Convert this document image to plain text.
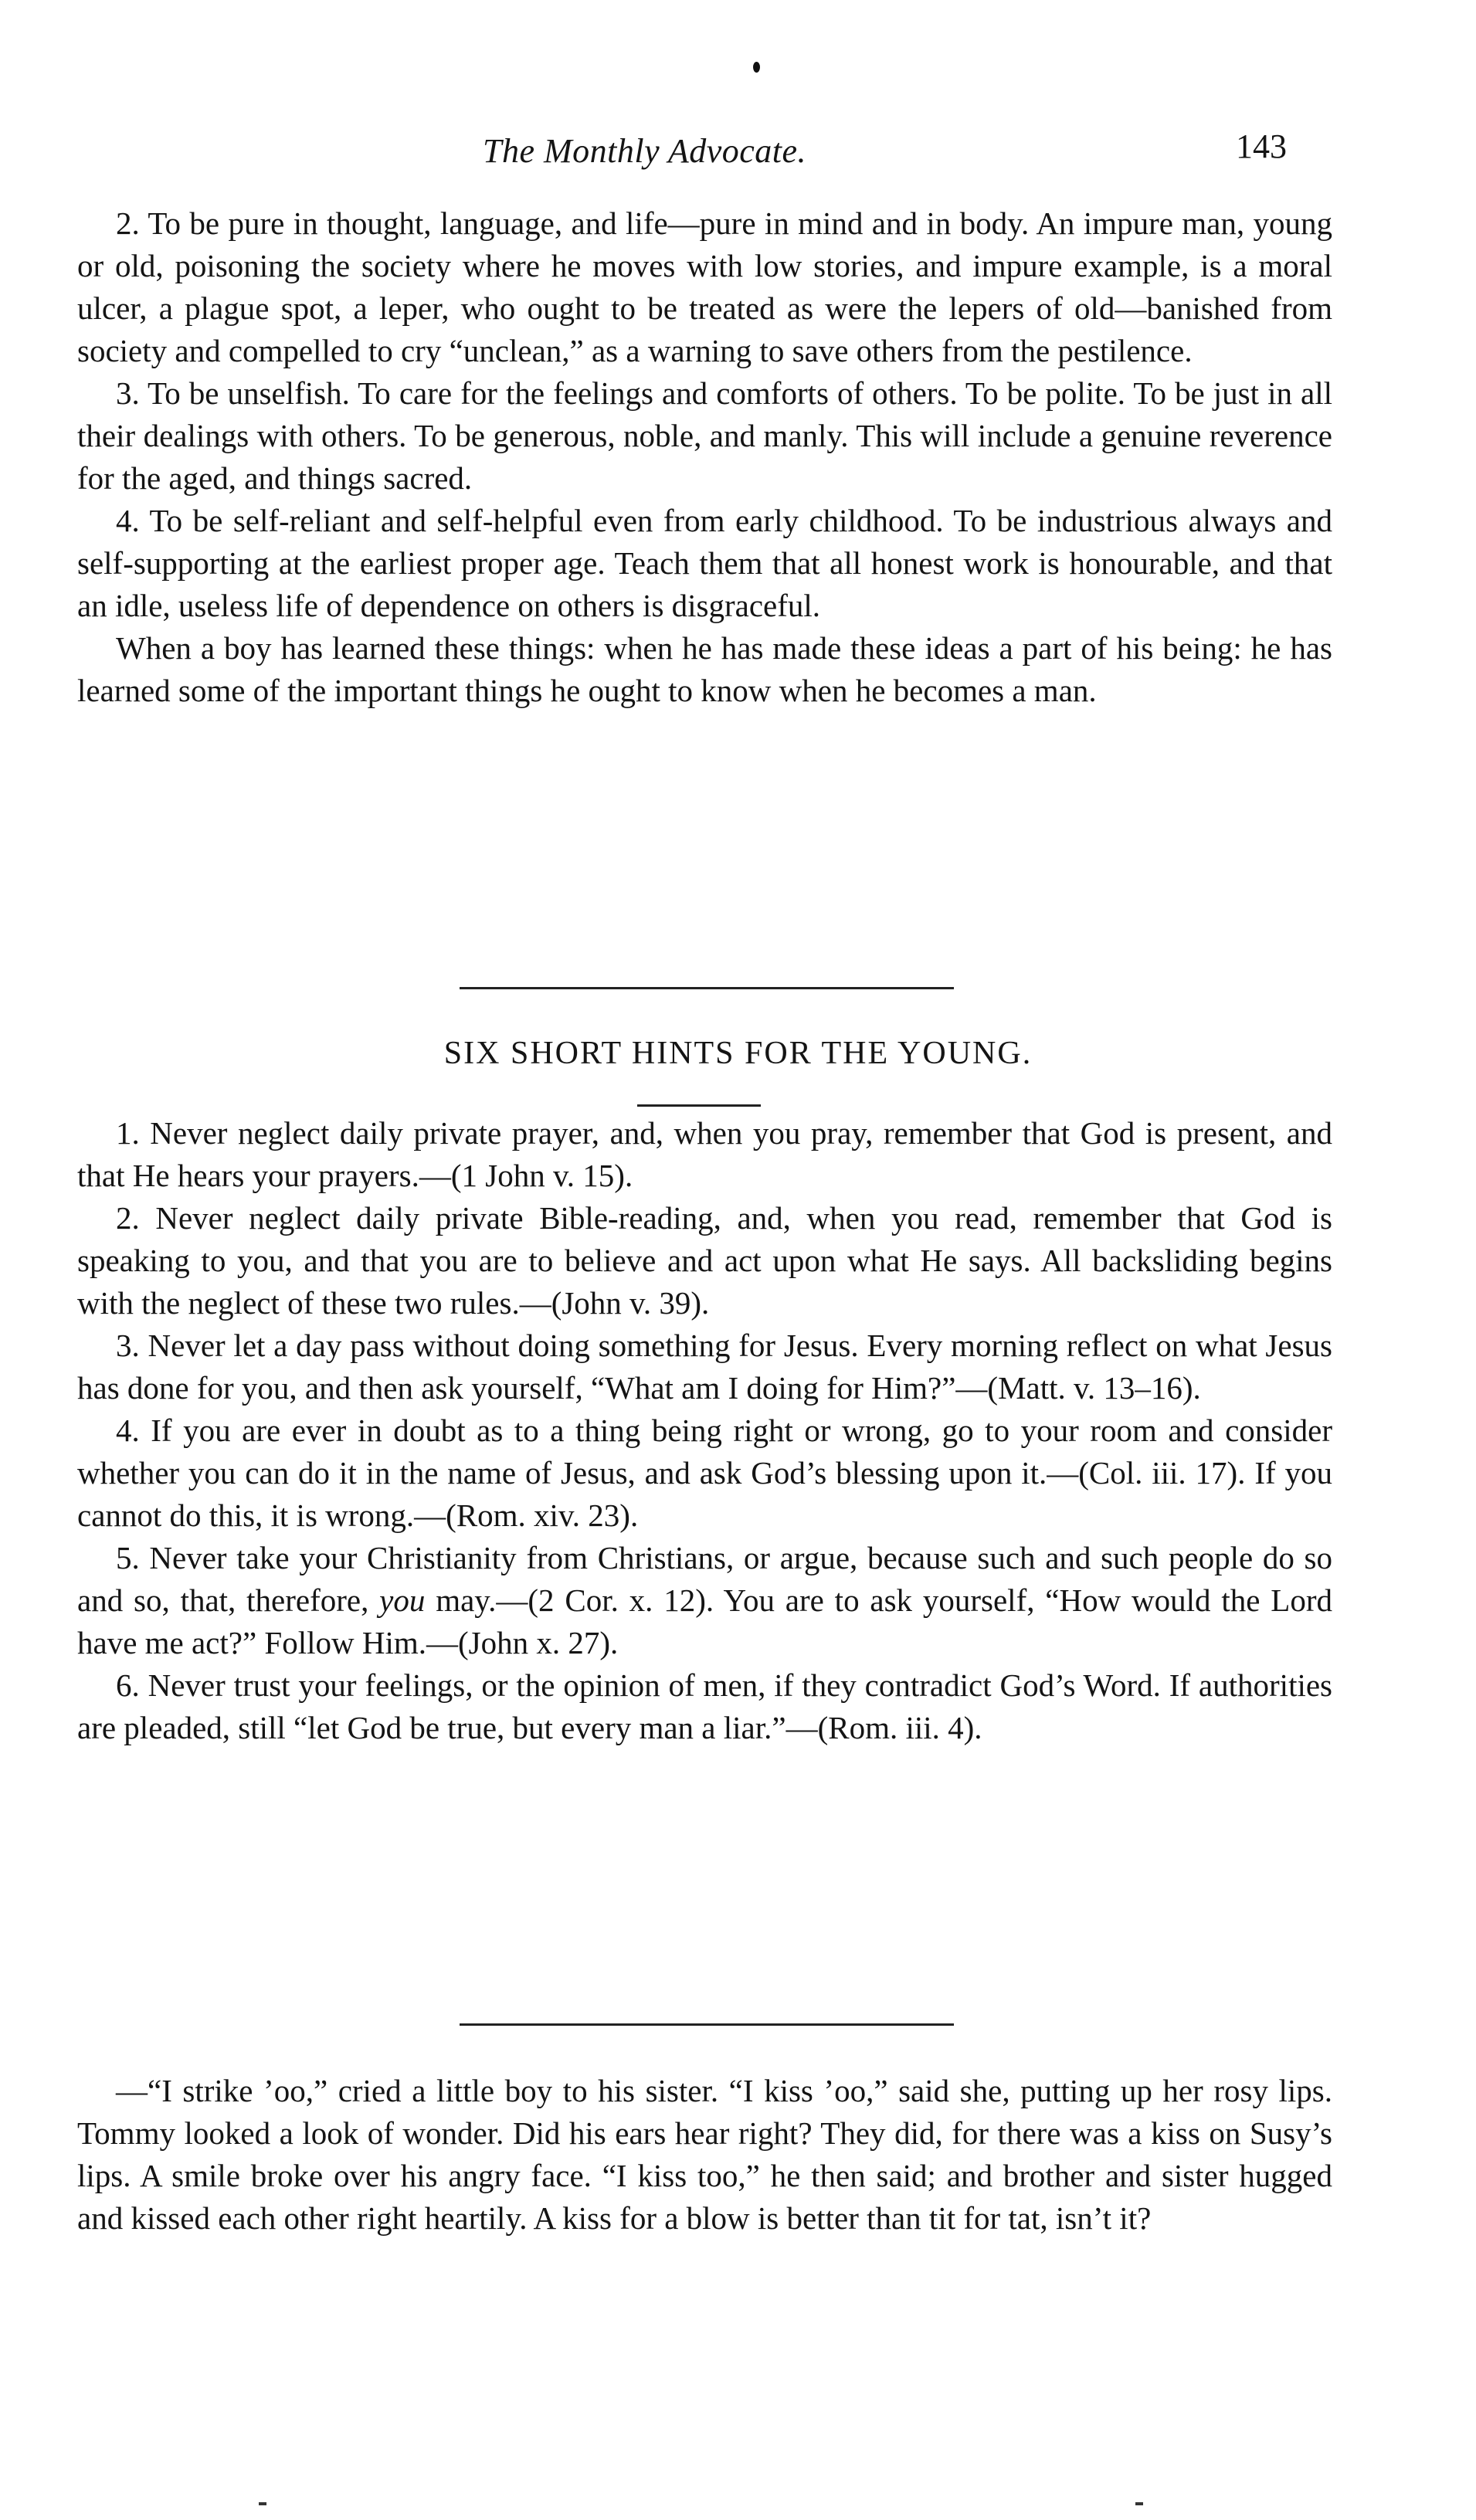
The Monthly Advocate.	143

2. To be pure in thought, language, and life—pure in mind and in body. An impure man, young or old, poisoning the society where he moves with low stories, and impure example, is a moral ulcer, a plague spot, a leper, who ought to be treated as were the lepers of old—banished from society and compelled to cry “unclean,” as a warning to save others from the pestilence.

3. To be unselfish. To care for the feelings and comforts of others. To be polite. To be just in all their dealings with others. To be generous, noble, and manly. This will include a genuine reverence for the aged, and things sacred.

4. To be self-reliant and self-helpful even from early childhood. To be industrious always and self-supporting at the earliest proper age. Teach them that all honest work is honourable, and that an idle, useless life of dependence on others is disgraceful.

When a boy has learned these things: when he has made these ideas a part of his being: he has learned some of the important things he ought to know when he becomes a man.

SIX SHORT HINTS FOR THE YOUNG.

1. Never neglect daily private prayer, and, when you pray, remember that God is present, and that He hears your prayers.—(1 John v. 15).

2. Never neglect daily private Bible-reading, and, when you read, remember that God is speaking to you, and that you are to believe and act upon what He says. All backsliding begins with the neglect of these two rules.—(John v. 39).

3. Never let a day pass without doing something for Jesus. Every morning reflect on what Jesus has done for you, and then ask yourself, “What am I doing for Him?”—(Matt. v. 13–16).

4. If you are ever in doubt as to a thing being right or wrong, go to your room and consider whether you can do it in the name of Jesus, and ask God’s blessing upon it.—(Col. iii. 17). If you cannot do this, it is wrong.—(Rom. xiv. 23).

5. Never take your Christianity from Christians, or argue, because such and such people do so and so, that, therefore, you may.—(2 Cor. x. 12). You are to ask yourself, “How would the Lord have me act?” Follow Him.—(John x. 27).

6. Never trust your feelings, or the opinion of men, if they contradict God’s Word. If authorities are pleaded, still “let God be true, but every man a liar.”—(Rom. iii. 4).

—“I strike ’oo,” cried a little boy to his sister. “I kiss ’oo,” said she, putting up her rosy lips. Tommy looked a look of wonder. Did his ears hear right? They did, for there was a kiss on Susy’s lips. A smile broke over his angry face. “I kiss too,” he then said; and brother and sister hugged and kissed each other right heartily. A kiss for a blow is better than tit for tat, isn’t it?
